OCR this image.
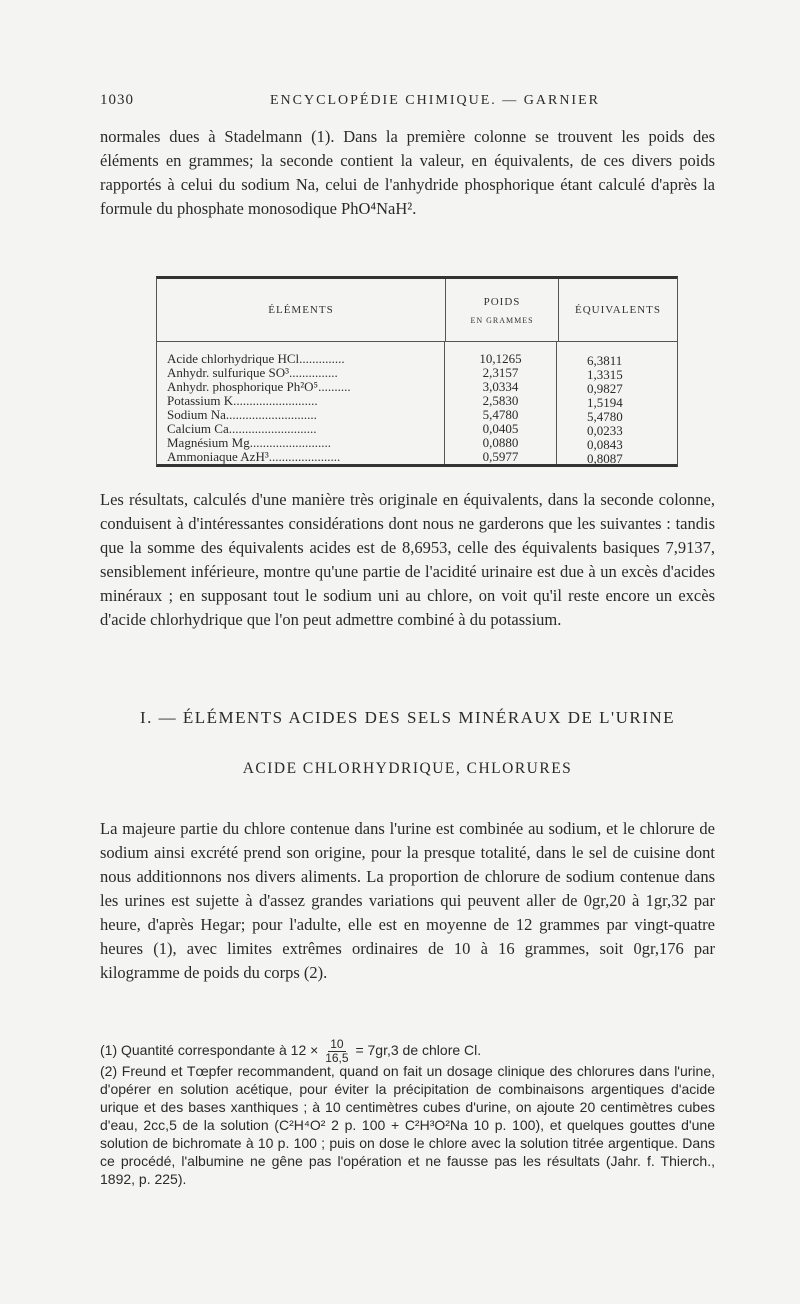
1030	ENCYCLOPÉDIE CHIMIQUE. — GARNIER

normales dues à Stadelmann (1). Dans la première colonne se trouvent les poids des éléments en grammes; la seconde contient la valeur, en équivalents, de ces divers poids rapportés à celui du sodium Na, celui de l'anhydride phosphorique étant calculé d'après la formule du phosphate monosodique PhO⁴NaH².

ÉLÉMENTS
POIDS
EN GRAMMES
ÉQUIVALENTS
Acide chlorhydrique HCl..............
Anhydr. sulfurique SO³...............
Anhydr. phosphorique Ph²O⁵..........
Potassium K..........................
Sodium Na............................
Calcium Ca...........................
Magnésium Mg.........................
Ammoniaque AzH³......................
10,1265
2,3157
3,0334
2,5830
5,4780
0,0405
0,0880
0,5977
6,3811
1,3315
0,9827
1,5194
5,4780
0,0233
0,0843
0,8087

Les résultats, calculés d'une manière très originale en équivalents, dans la seconde colonne, conduisent à d'intéressantes considérations dont nous ne garderons que les suivantes : tandis que la somme des équivalents acides est de 8,6953, celle des équivalents basiques 7,9137, sensiblement inférieure, montre qu'une partie de l'acidité urinaire est due à un excès d'acides minéraux ; en supposant tout le sodium uni au chlore, on voit qu'il reste encore un excès d'acide chlorhydrique que l'on peut admettre combiné à du potassium.

I. — ÉLÉMENTS ACIDES DES SELS MINÉRAUX DE L'URINE
ACIDE CHLORHYDRIQUE, CHLORURES

La majeure partie du chlore contenue dans l'urine est combinée au sodium, et le chlorure de sodium ainsi excrété prend son origine, pour la presque totalité, dans le sel de cuisine dont nous additionnons nos divers aliments. La proportion de chlorure de sodium contenue dans les urines est sujette à d'assez grandes variations qui peuvent aller de 0gr,20 à 1gr,32 par heure, d'après Hegar; pour l'adulte, elle est en moyenne de 12 grammes par vingt-quatre heures (1), avec limites extrêmes ordinaires de 10 à 16 grammes, soit 0gr,176 par kilogramme de poids du corps (2).

(1) Quantité correspondante à $12 \times \frac{10}{16,5} = 7gr,3$ de chlore Cl.

(2) Freund et Tœpfer recommandent, quand on fait un dosage clinique des chlorures dans l'urine, d'opérer en solution acétique, pour éviter la précipitation de combinaisons argentiques d'acide urique et des bases xanthiques ; à 10 centimètres cubes d'urine, on ajoute 20 centimètres cubes d'eau, 2cc,5 de la solution (C²H⁴O² 2 p. 100 + C²H³O²Na 10 p. 100), et quelques gouttes d'une solution de bichromate à 10 p. 100 ; puis on dose le chlore avec la solution titrée argentique. Dans ce procédé, l'albumine ne gêne pas l'opération et ne fausse pas les résultats (Jahr. f. Thierch., 1892, p. 225).
